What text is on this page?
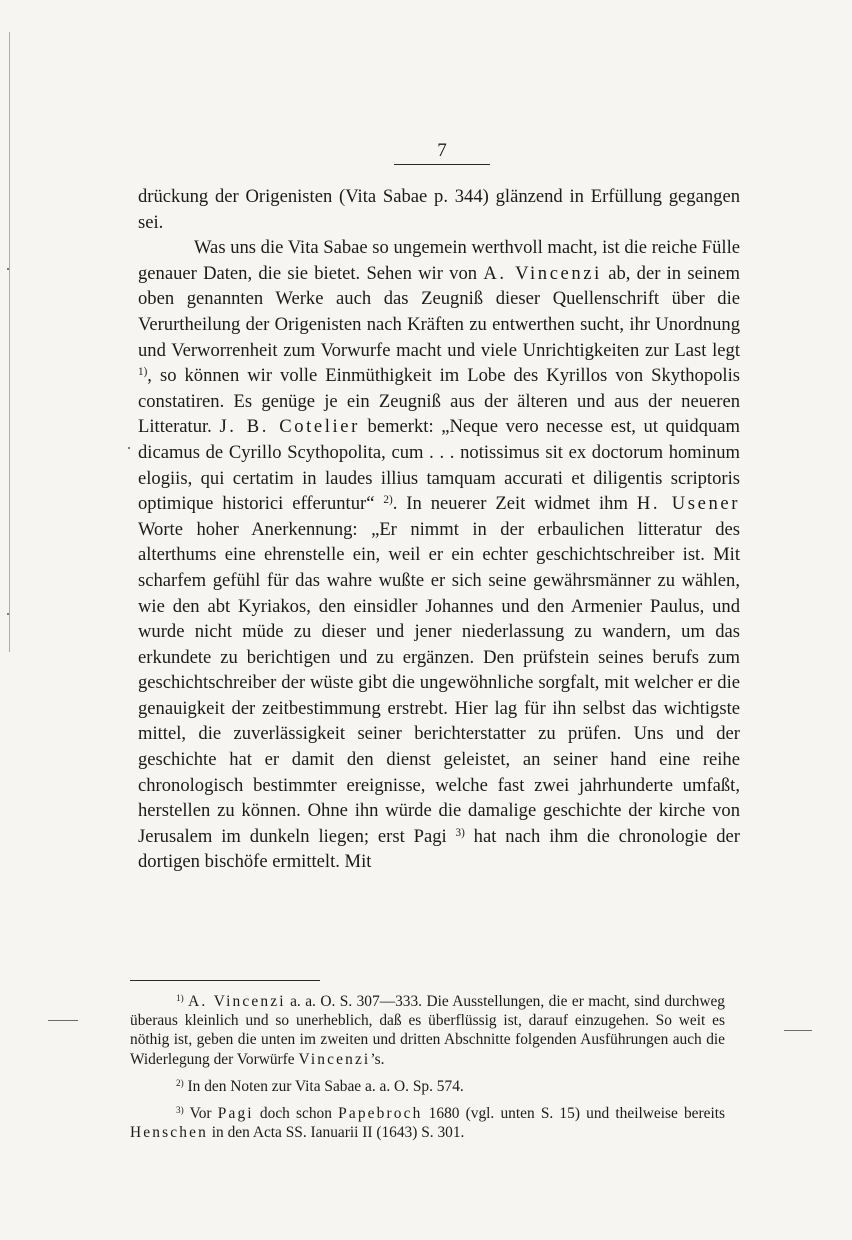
7

drückung der Origenisten (Vita Sabae p. 344) glänzend in Erfüllung gegangen sei.

Was uns die Vita Sabae so ungemein werthvoll macht, ist die reiche Fülle genauer Daten, die sie bietet. Sehen wir von A. Vincenzi ab, der in seinem oben genannten Werke auch das Zeugniß dieser Quellenschrift über die Verurtheilung der Origenisten nach Kräften zu entwerthen sucht, ihr Unordnung und Verworrenheit zum Vorwurfe macht und viele Unrichtigkeiten zur Last legt $^{1)}$, so können wir volle Einmüthigkeit im Lobe des Kyrillos von Skythopolis constatiren. Es genüge je ein Zeugniß aus der älteren und aus der neueren Litteratur. J. B. Cotelier bemerkt: „Neque vero necesse est, ut quidquam dicamus de Cyrillo Scythopolita, cum . . . notissimus sit ex doctorum hominum elogiis, qui certatim in laudes illius tamquam accurati et diligentis scriptoris optimique historici efferuntur“ $^{2)}$. In neuerer Zeit widmet ihm H. Usener Worte hoher Anerkennung: „Er nimmt in der erbaulichen litteratur des alterthums eine ehrenstelle ein, weil er ein echter geschichtschreiber ist. Mit scharfem gefühl für das wahre wußte er sich seine gewährsmänner zu wählen, wie den abt Kyriakos, den einsidler Johannes und den Armenier Paulus, und wurde nicht müde zu dieser und jener niederlassung zu wandern, um das erkundete zu berichtigen und zu ergänzen. Den prüfstein seines berufs zum geschichtschreiber der wüste gibt die ungewöhnliche sorgfalt, mit welcher er die genauigkeit der zeitbestimmung erstrebt. Hier lag für ihn selbst das wichtigste mittel, die zuverlässigkeit seiner berichterstatter zu prüfen. Uns und der geschichte hat er damit den dienst geleistet, an seiner hand eine reihe chronologisch bestimmter ereignisse, welche fast zwei jahrhunderte umfaßt, herstellen zu können. Ohne ihn würde die damalige geschichte der kirche von Jerusalem im dunkeln liegen; erst Pagi $^{3)}$ hat nach ihm die chronologie der dortigen bischöfe ermittelt. Mit

$^{1)}$ A. Vincenzi a. a. O. S. 307—333. Die Ausstellungen, die er macht, sind durchweg überaus kleinlich und so unerheblich, daß es überflüssig ist, darauf einzugehen. So weit es nöthig ist, geben die unten im zweiten und dritten Abschnitte folgenden Ausführungen auch die Widerlegung der Vorwürfe Vincenzi’s.

$^{2)}$ In den Noten zur Vita Sabae a. a. O. Sp. 574.

$^{3)}$ Vor Pagi doch schon Papebroch 1680 (vgl. unten S. 15) und theilweise bereits Henschen in den Acta SS. Ianuarii II (1643) S. 301.
